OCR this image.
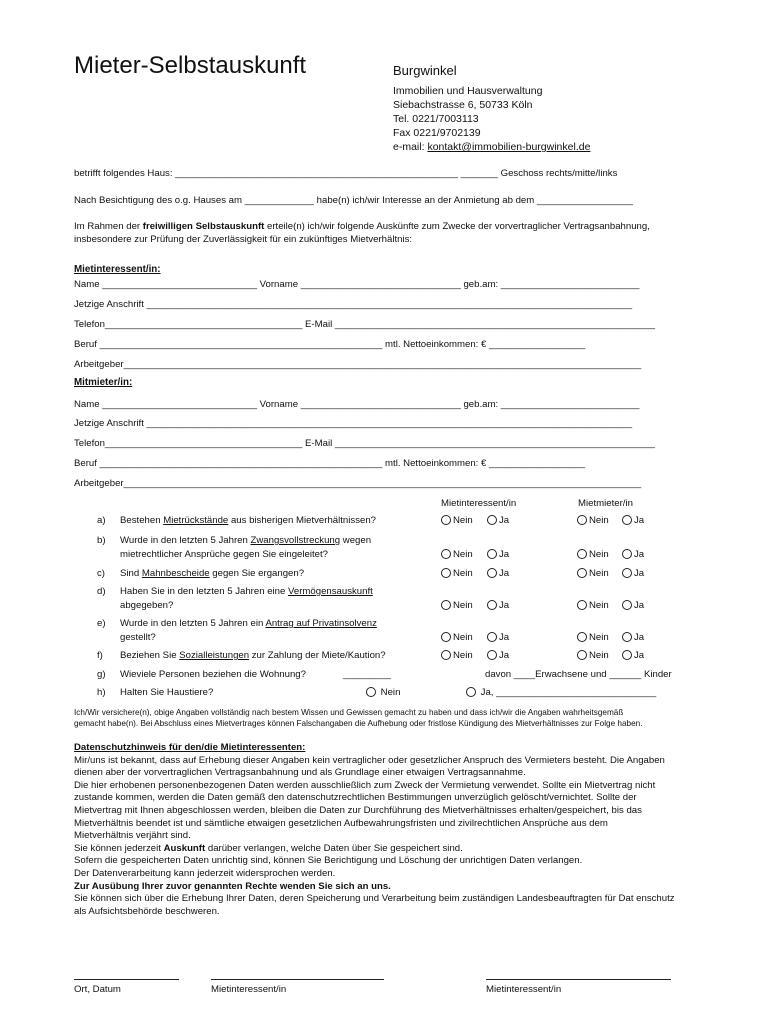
Mieter-Selbstauskunft	Burgwinkel
Immobilien und Hausverwaltung
Siebachstrasse 6, 50733 Köln
Tel. 0221/7003113
Fax 0221/9702139
e-mail: kontakt@immobilien-burgwinkel.de
betrifft folgendes Haus: _____________________________________________________ _______ Geschoss rechts/mitte/links
Nach Besichtigung des o.g. Hauses am _____________ habe(n) ich/wir Interesse an der Anmietung ab dem __________________
Im Rahmen der freiwilligen Selbstauskunft erteile(n) ich/wir folgende Auskünfte zum Zwecke der vorvertraglicher Vertragsanbahnung,
insbesondere zur Prüfung der Zuverlässigkeit für ein zukünftiges Mietverhältnis:
Mietinteressent/in:
Name _____________________________ Vorname ______________________________ geb.am: __________________________
Jetzige Anschrift ___________________________________________________________________________________________
Telefon_____________________________________ E-Mail ____________________________________________________________
Beruf _____________________________________________________ mtl. Nettoeinkommen: € __________________
Arbeitgeber_________________________________________________________________________________________________
Mitmieter/in:
Name _____________________________ Vorname ______________________________ geb.am: __________________________
Jetzige Anschrift ___________________________________________________________________________________________
Telefon_____________________________________ E-Mail ____________________________________________________________
Beruf _____________________________________________________ mtl. Nettoeinkommen: € __________________
Arbeitgeber_________________________________________________________________________________________________
Mietinteressent/in	Mietmieter/in
a) Bestehen Mietrückstände aus bisherigen Mietverhältnissen?	Nein	Ja	Nein	Ja
b) Wurde in den letzten 5 Jahren Zwangsvollstreckung wegen
mietrechtlicher Ansprüche gegen Sie eingeleitet?	Nein	Ja	Nein	Ja
c) Sind Mahnbescheide gegen Sie ergangen?	Nein	Ja	Nein	Ja
d) Haben Sie in den letzten 5 Jahren eine Vermögensauskunft
abgegeben?	Nein	Ja	Nein	Ja
e) Wurde in den letzten 5 Jahren ein Antrag auf Privatinsolvenz
gestellt?	Nein	Ja	Nein	Ja
f) Beziehen Sie Sozialleistungen zur Zahlung der Miete/Kaution?	Nein	Ja	Nein	Ja
g) Wieviele Personen beziehen die Wohnung?	_________	davon ____Erwachsene und ______ Kinder
h) Halten Sie Haustiere?	Nein	Ja, ______________________________
Ich/Wir versichere(n), obige Angaben vollständig nach bestem Wissen und Gewissen gemacht zu haben und dass ich/wir die Angaben wahrheitsgemäß
gemacht habe(n). Bei Abschluss eines Mietvertrages können Falschangaben die Aufhebung oder fristlose Kündigung des Mietverhältnisses zur Folge haben.
Datenschutzhinweis für den/die Mietinteressenten:
Mir/uns ist bekannt, dass auf Erhebung dieser Angaben kein vertraglicher oder gesetzlicher Anspruch des Vermieters besteht. Die Angaben
dienen aber der vorvertraglichen Vertragsanbahnung und als Grundlage einer etwaigen Vertragsannahme.
Die hier erhobenen personenbezogenen Daten werden ausschließlich zum Zweck der Vermietung verwendet. Sollte ein Mietvertrag nicht
zustande kommen, werden die Daten gemäß den datenschutzrechtlichen Bestimmungen unverzüglich gelöscht/vernichtet. Sollte der
Mietvertrag mit Ihnen abgeschlossen werden, bleiben die Daten zur Durchführung des Mietverhältnisses erhalten/gespeichert, bis das
Mietverhältnis beendet ist und sämtliche etwaigen gesetzlichen Aufbewahrungsfristen und zivilrechtlichen Ansprüche aus dem
Mietverhältnis verjährt sind.
Sie können jederzeit Auskunft darüber verlangen, welche Daten über Sie gespeichert sind.
Sofern die gespeicherten Daten unrichtig sind, können Sie Berichtigung und Löschung der unrichtigen Daten verlangen.
Der Datenverarbeitung kann jederzeit widersprochen werden.
Zur Ausübung Ihrer zuvor genannten Rechte wenden Sie sich an uns.
Sie können sich über die Erhebung Ihrer Daten, deren Speicherung und Verarbeitung beim zuständigen Landesbeauftragten für Dat enschutz
als Aufsichtsbehörde beschweren.
Ort, Datum	Mietinteressent/in	Mietinteressent/in
